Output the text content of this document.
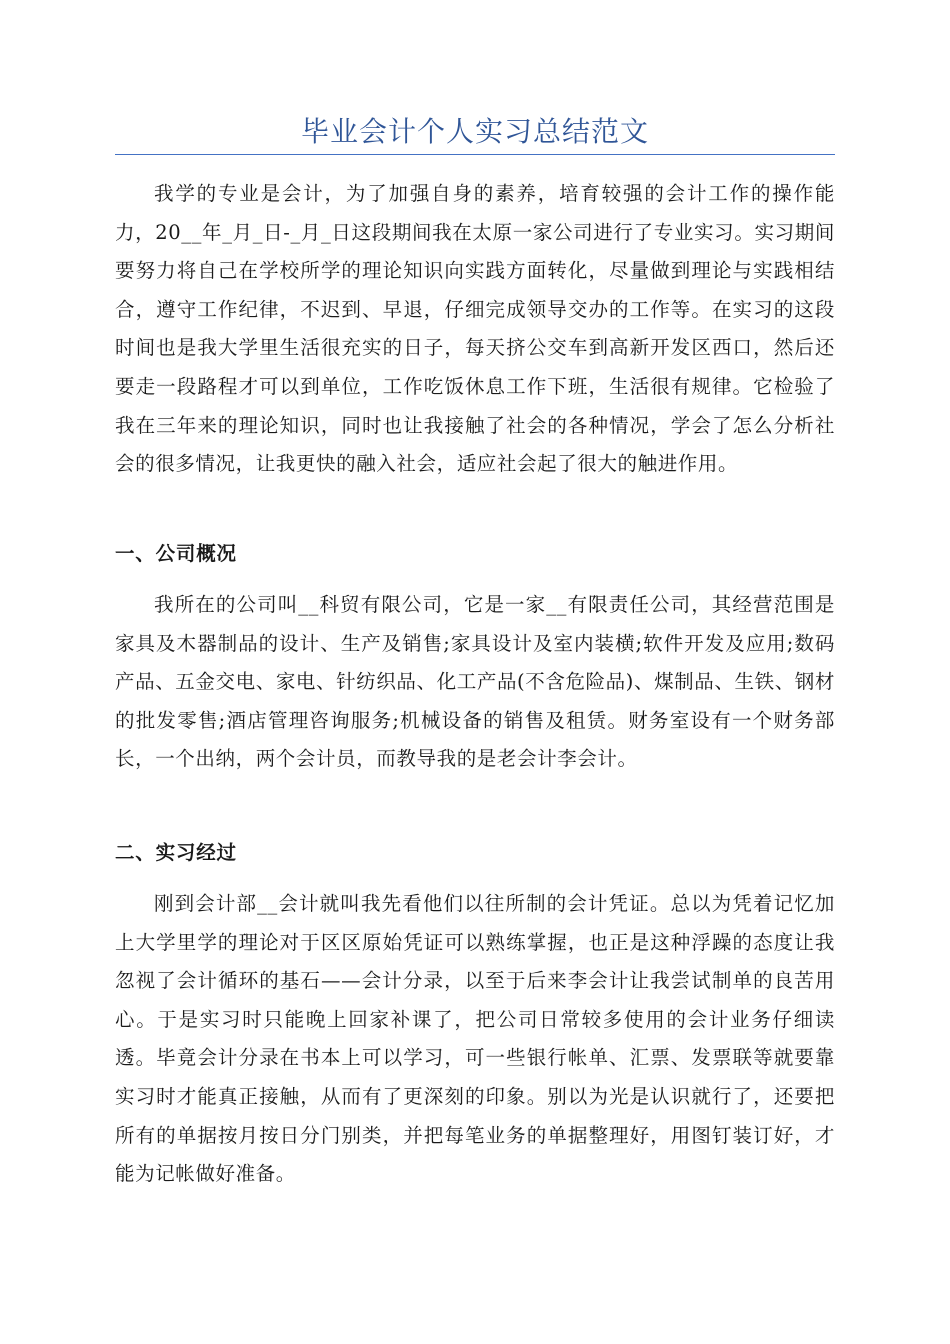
毕业会计个人实习总结范文

我学的专业是会计，为了加强自身的素养，培育较强的会计工作的操作能力，20__年_月_日-_月_日这段期间我在太原一家公司进行了专业实习。实习期间要努力将自己在学校所学的理论知识向实践方面转化，尽量做到理论与实践相结合，遵守工作纪律，不迟到、早退，仔细完成领导交办的工作等。在实习的这段时间也是我大学里生活很充实的日子，每天挤公交车到高新开发区西口，然后还要走一段路程才可以到单位，工作吃饭休息工作下班，生活很有规律。它检验了我在三年来的理论知识，同时也让我接触了社会的各种情况，学会了怎么分析社会的很多情况，让我更快的融入社会，适应社会起了很大的触进作用。

一、公司概况

我所在的公司叫__科贸有限公司，它是一家__有限责任公司，其经营范围是家具及木器制品的设计、生产及销售;家具设计及室内装横;软件开发及应用;数码产品、五金交电、家电、针纺织品、化工产品(不含危险品)、煤制品、生铁、钢材的批发零售;酒店管理咨询服务;机械设备的销售及租赁。财务室设有一个财务部长，一个出纳，两个会计员，而教导我的是老会计李会计。

二、实习经过

刚到会计部__会计就叫我先看他们以往所制的会计凭证。总以为凭着记忆加上大学里学的理论对于区区原始凭证可以熟练掌握，也正是这种浮躁的态度让我忽视了会计循环的基石——会计分录，以至于后来李会计让我尝试制单的良苦用心。于是实习时只能晚上回家补课了，把公司日常较多使用的会计业务仔细读透。毕竟会计分录在书本上可以学习，可一些银行帐单、汇票、发票联等就要靠实习时才能真正接触，从而有了更深刻的印象。别以为光是认识就行了，还要把所有的单据按月按日分门别类，并把每笔业务的单据整理好，用图钉装订好，才能为记帐做好准备。
